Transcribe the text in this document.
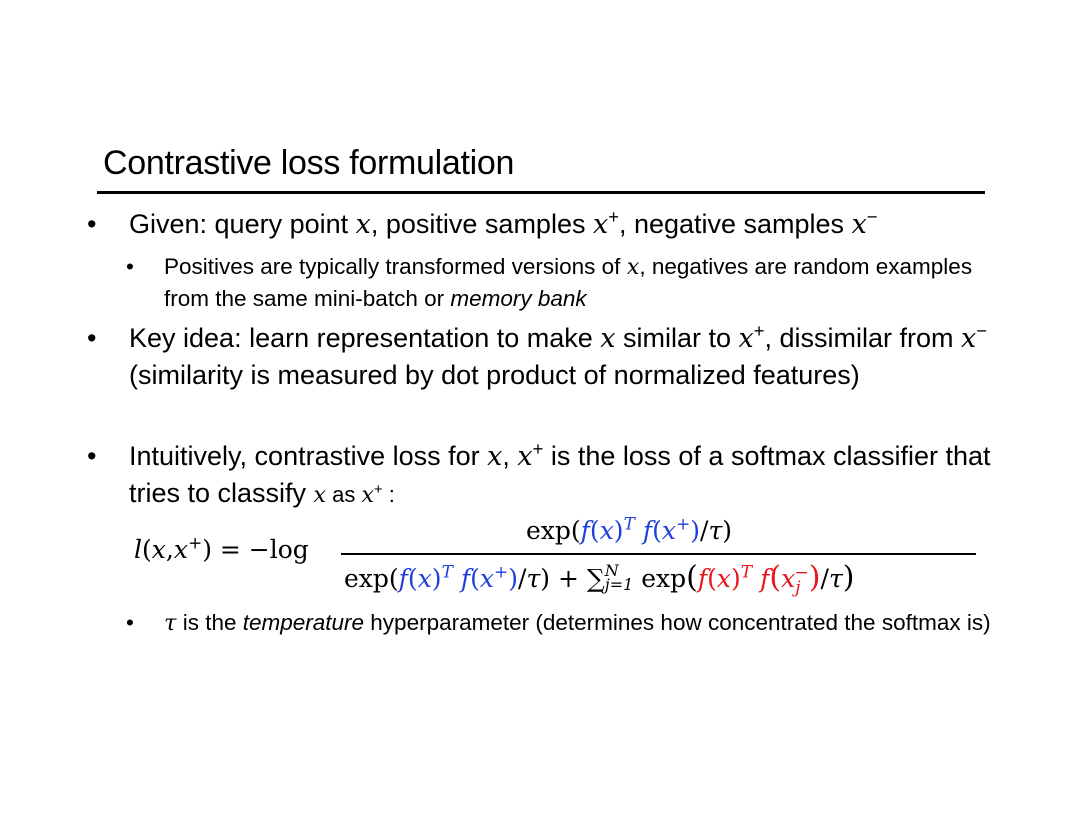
Contrastive loss formulation
• Given: query point x, positive samples x+, negative samples x−
• Positives are typically transformed versions of x, negatives are random examples from the same mini-batch or memory bank
• Key idea: learn representation to make x similar to x+, dissimilar from x− (similarity is measured by dot product of normalized features)
• Intuitively, contrastive loss for x, x+ is the loss of a softmax classifier that tries to classify x as x+ :
l(x,x+) = −log
$\exp(f(x)^T$ f(x+)/τ)
$\exp(f(x)^T$ f(x+)/τ) + ∑ N
j=1 $\exp(f(x)^T$ $f(x_j^-)/\tau$)
• τ is the temperature hyperparameter (determines how concentrated the softmax is)
